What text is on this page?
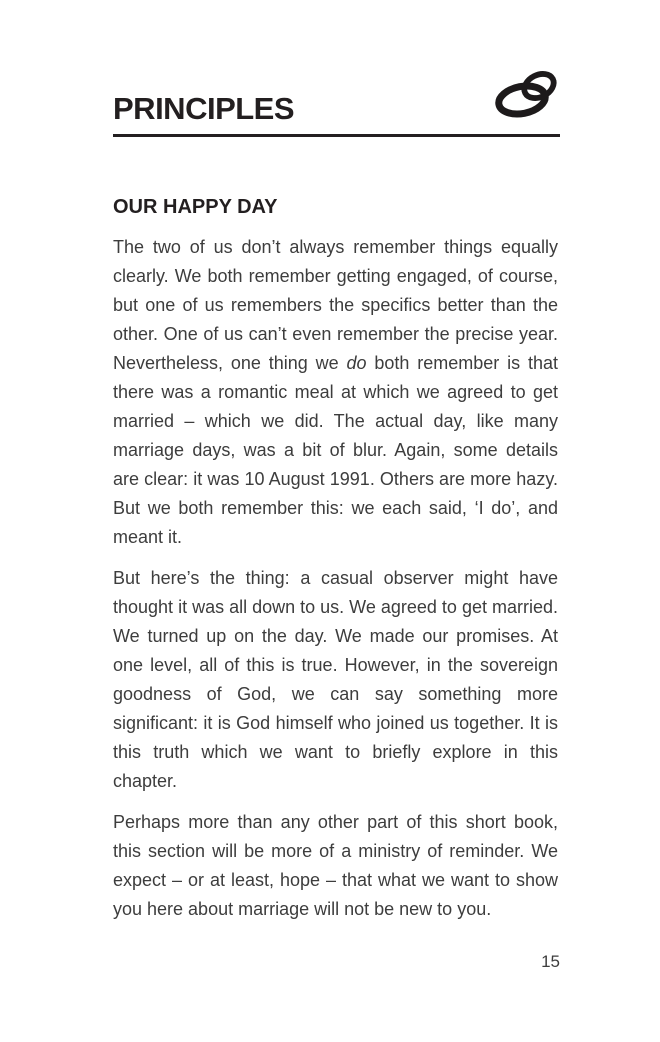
PRINCIPLES
OUR HAPPY DAY

The two of us don’t always remember things equally clearly. We both remember getting engaged, of course, but one of us remembers the specifics better than the other. One of us can’t even remember the precise year. Nevertheless, one thing we do both remember is that there was a romantic meal at which we agreed to get married – which we did. The actual day, like many marriage days, was a bit of blur. Again, some details are clear: it was 10 August 1991. Others are more hazy. But we both remember this: we each said, ‘I do’, and meant it.

But here’s the thing: a casual observer might have thought it was all down to us. We agreed to get married. We turned up on the day. We made our promises. At one level, all of this is true. However, in the sovereign goodness of God, we can say something more significant: it is God himself who joined us together. It is this truth which we want to briefly explore in this chapter.

Perhaps more than any other part of this short book, this section will be more of a ministry of reminder. We expect – or at least, hope – that what we want to show you here about marriage will not be new to you.

15
